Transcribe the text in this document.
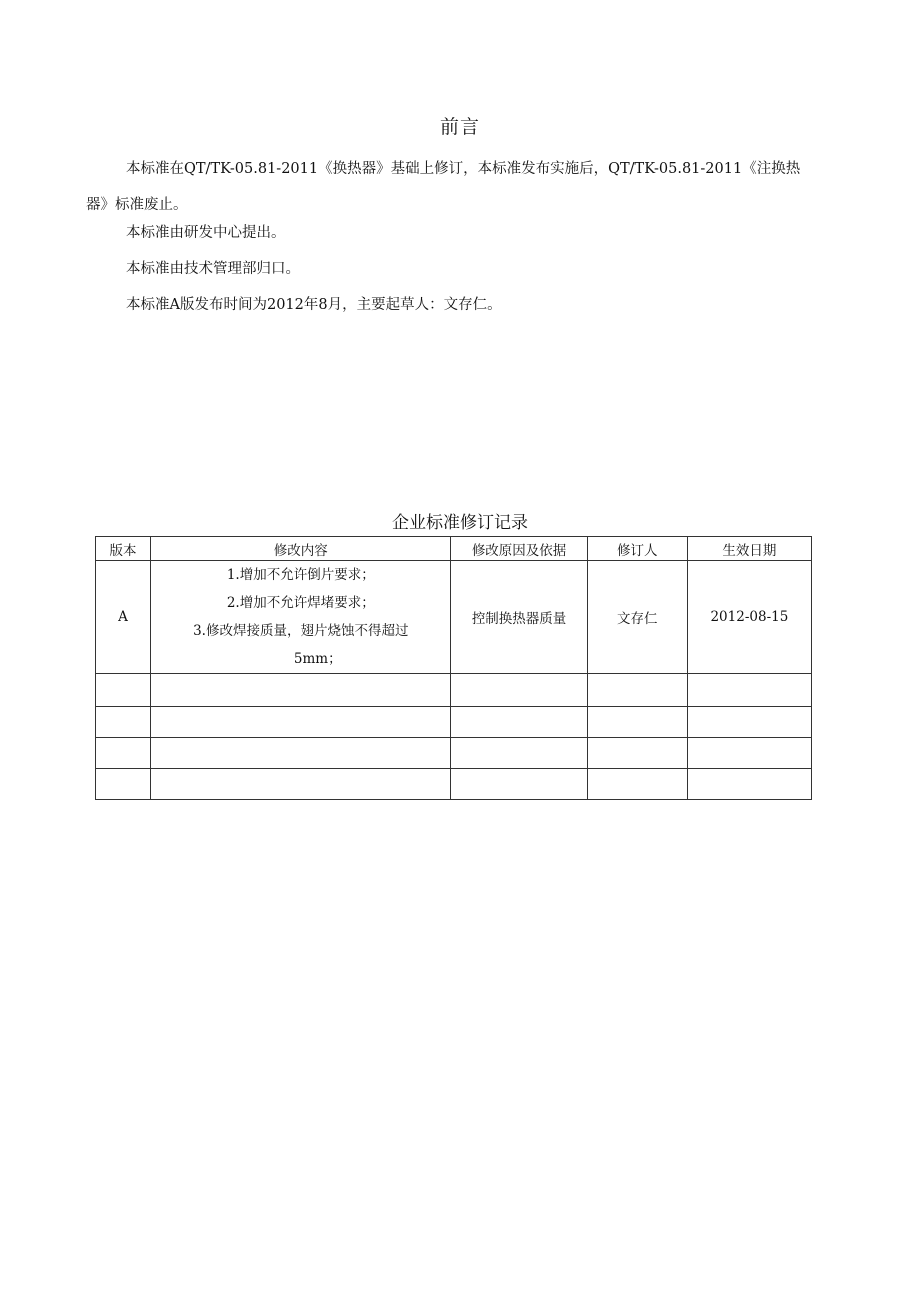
前言

本标准在QT/TK-05.81-2011《换热器》基础上修订，本标准发布实施后，QT/TK-05.81-2011《注换热器》标准废止。

本标准由研发中心提出。

本标准由技术管理部归口。

本标准A版发布时间为2012年8月，主要起草人：文存仁。

企业标准修订记录
版本	修改内容	修改原因及依据	修订人	生效日期
A	1.增加不允许倒片要求；
2.增加不允许焊堵要求；
3.修改焊接质量，翅片烧蚀不得超过
5mm；	控制换热器质量	文存仁	2012-08-15
